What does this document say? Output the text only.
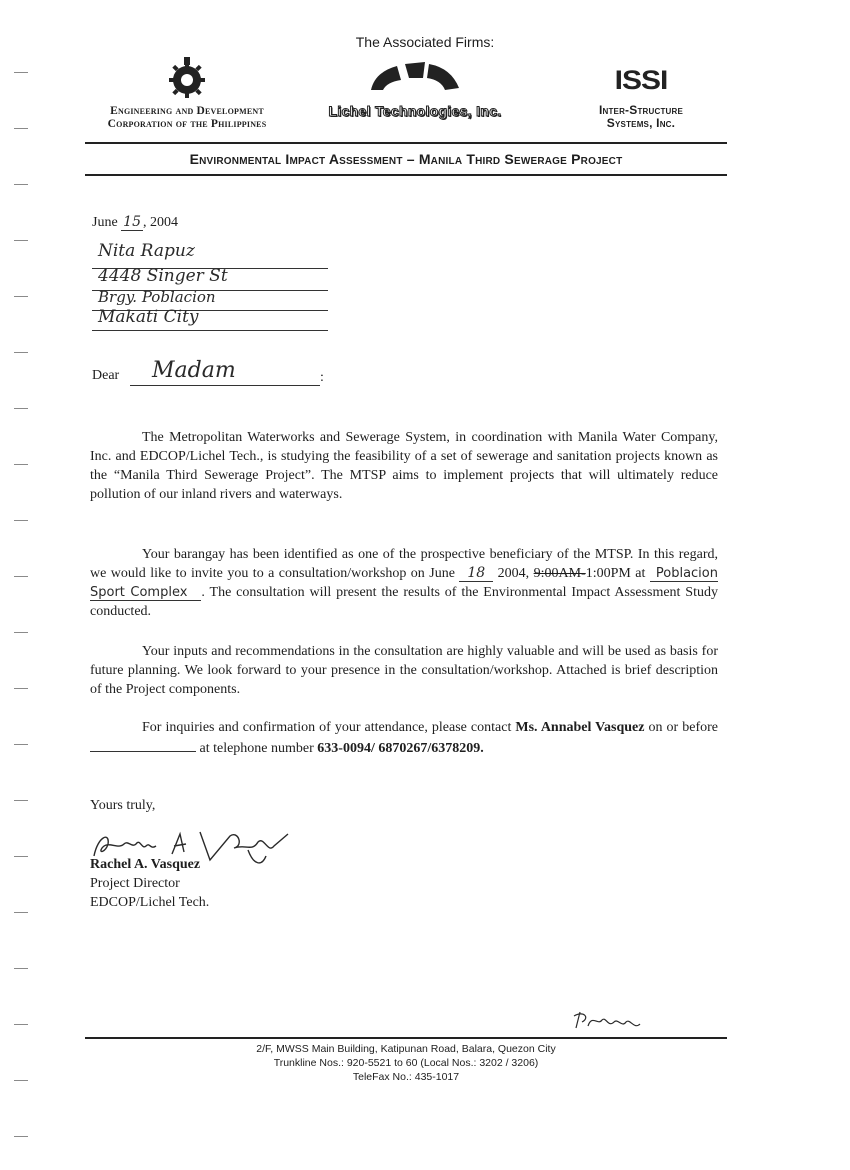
The Associated Firms:
Engineering and Development
Corporation of the Philippines
Lichel Technologies, Inc.
ISSI
Inter-Structure
Systems, Inc.
Environmental Impact Assessment – Manila Third Sewerage Project
June 15 , 2004
Nita Rapuz
4448 Singer St
Brgy. Poblacion
Makati City
Dear Madam	:

The Metropolitan Waterworks and Sewerage System, in coordination with Manila Water Company, Inc. and EDCOP/Lichel Tech., is studying the feasibility of a set of sewerage and sanitation projects known as the “Manila Third Sewerage Project”. The MTSP aims to implement projects that will ultimately reduce pollution of our inland rivers and waterways.

Your barangay has been identified as one of the prospective beneficiary of the MTSP. In this regard, we would like to invite you to a consultation/workshop on June 18 2004, 9:00AM-1:00PM at Poblacion Sport Complex . The consultation will present the results of the Environmental Impact Assessment Study conducted.

Your inputs and recommendations in the consultation are highly valuable and will be used as basis for future planning. We look forward to your presence in the consultation/workshop. Attached is brief description of the Project components.

For inquiries and confirmation of your attendance, please contact Ms. Annabel Vasquez on or before  at telephone number 633-0094/ 6870267/6378209.

Yours truly,
Rachel A. Vasquez
Project Director
EDCOP/Lichel Tech.
2/F, MWSS Main Building, Katipunan Road, Balara, Quezon City
Trunkline Nos.: 920-5521 to 60 (Local Nos.: 3202 / 3206)
TeleFax No.: 435-1017
